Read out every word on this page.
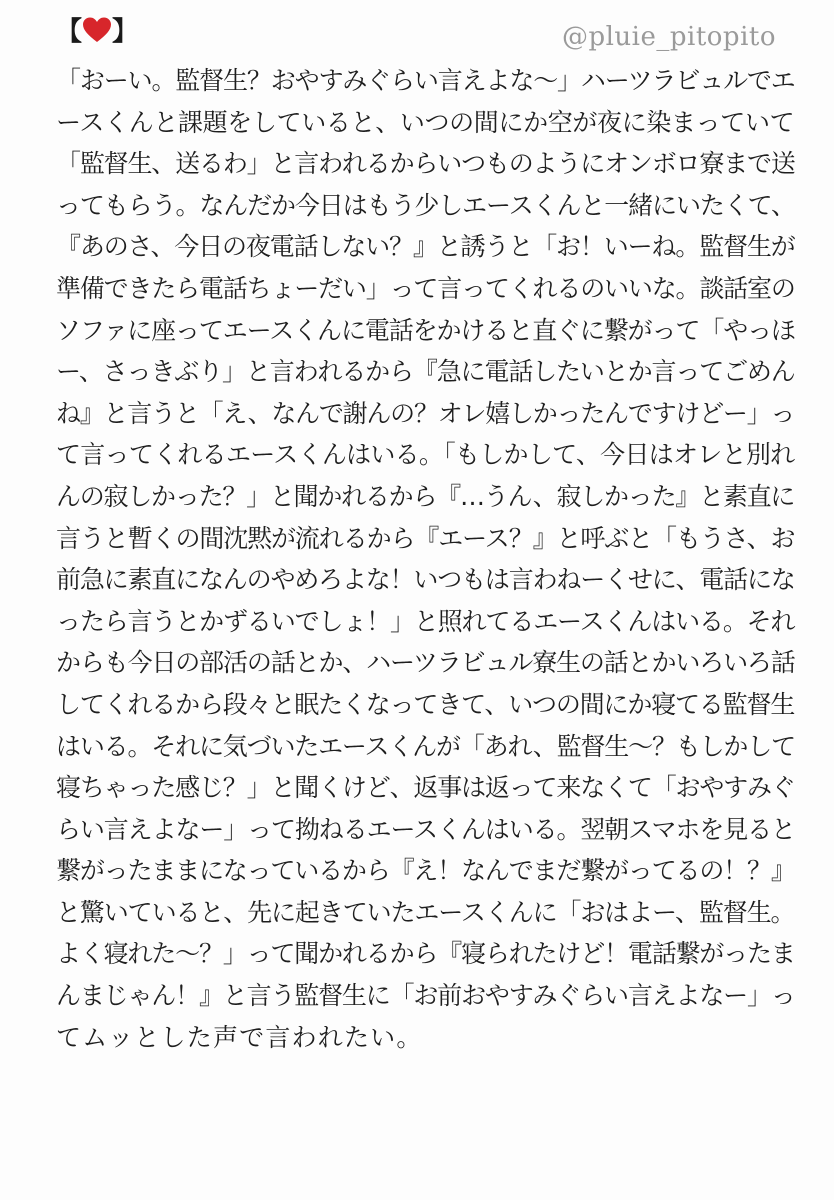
【 】	@pluie_pitopito
「おーい。監督生？おやすみぐらい言えよな〜」ハーツラビュルでエ
ースくんと課題をしていると、いつの間にか空が夜に染まっていて
「監督生、送るわ」と言われるからいつものようにオンボロ寮まで送
ってもらう。なんだか今日はもう少しエースくんと一緒にいたくて、
『あのさ、今日の夜電話しない？』と誘うと「お！いーね。監督生が
準備できたら電話ちょーだい」って言ってくれるのいいな。談話室の
ソファに座ってエースくんに電話をかけると直ぐに繋がって「やっほ
ー、さっきぶり」と言われるから『急に電話したいとか言ってごめん
ね』と言うと「え、なんで謝んの？オレ嬉しかったんですけどー」っ
て言ってくれるエースくんはいる。「もしかして、今日はオレと別れ
んの寂しかった？」と聞かれるから『…うん、寂しかった』と素直に
言うと暫くの間沈黙が流れるから『エース？』と呼ぶと「もうさ、お
前急に素直になんのやめろよな！いつもは言わねーくせに、電話にな
ったら言うとかずるいでしょ！」と照れてるエースくんはいる。それ
からも今日の部活の話とか、ハーツラビュル寮生の話とかいろいろ話
してくれるから段々と眠たくなってきて、いつの間にか寝てる監督生
はいる。それに気づいたエースくんが「あれ、監督生〜？もしかして
寝ちゃった感じ？」と聞くけど、返事は返って来なくて「おやすみぐ
らい言えよなー」って拗ねるエースくんはいる。翌朝スマホを見ると
繋がったままになっているから『え！なんでまだ繋がってるの！？』
と驚いていると、先に起きていたエースくんに「おはよー、監督生。
よく寝れた〜？」って聞かれるから『寝られたけど！電話繋がったま
んまじゃん！』と言う監督生に「お前おやすみぐらい言えよなー」っ
てムッとした声で言われたい。
